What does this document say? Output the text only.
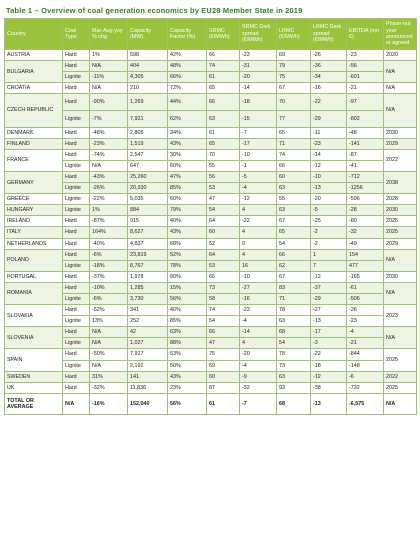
Table 1 – Overview of coal generation economics by EU28 Member State in 2019
Country	Coal Type	Mar-Aug yoy % chg.	Capacity (MW)	Capacity Factor (%)	SRMC (€/MWh)	SRMC Dark spread (€/MWh)	LRMC (€/MWh)	LRMC Dark spread (€/MWh)	EBITDA (mn €)	Phase-out year announced or agreed
AUSTRIA	Hard	1%	598	42%	66	-23	69	-26	-23	2020
BULGARIA	Hard	N/A	404	48%	74	-31	79	-36	-56	N/A
	Lignite	-11%	4,305	66%	61	-20	75	-34	-601	
CROATIA	Hard	N/A	210	72%	65	-14	67	-16	-21	N/A
CZECH REPUBLIC	Hard	-90%	1,269	44%	66	-18	70	-22	-97	N/A
	Lignite	-7%	7,921	62%	63	-15	77	-29	-802	
DENMARK	Hard	-48%	2,805	34%	61	-7	65	-11	-48	2030
FINLAND	Hard	-23%	1,519	43%	65	-17	71	-23	-141	2029
FRANCE	Hard	-74%	2,547	30%	70	-10	74	-14	-87	2022
	Lignite	N/A	647	60%	55	-1	66	-12	-41	
GERMANY	Hard	-43%	25,260	47%	56	-5	60	-10	-712	2038
	Lignite	-26%	20,930	85%	53	-4	63	-13	-1256	
GREECE	Lignite	-22%	5,035	60%	47	-12	55	-20	-596	2028
HUNGARY	Lignite	1%	884	79%	54	4	63	-5	-28	2030
IRELAND	Hard	-87%	915	40%	64	-22	67	-25	-80	2025
ITALY	Hard	164%	8,627	43%	60	4	65	-2	-32	2025
NETHERLANDS	Hard	-40%	4,837	68%	52	0	54	-2	-49	2029
POLAND	Hard	-6%	23,819	52%	64	4	66	1	154	N/A
	Lignite	-18%	8,767	78%	53	16	62	7	477	
PORTUGAL	Hard	-37%	1,978	80%	66	-10	67	-12	-165	2030
ROMANIA	Hard	-10%	1,285	15%	73	-27	83	-37	-61	N/A
	Lignite	-6%	3,730	56%	58	-16	71	-29	-506	
SLOVAKIA	Hard	-52%	341	40%	74	-23	78	-27	-26	2023
	Lignite	13%	252	85%	54	-4	63	-13	-23	
SLOVENIA	Hard	N/A	42	63%	66	-14	68	-17	-4	N/A
	Lignite	N/A	1,027	88%	47	4	54	-3	-21	
SPAIN	Hard	-50%	7,917	53%	75	-20	78	-22	-844	2025
	Lignite	N/A	2,192	50%	59	-4	73	-18	-148	
SWEDEN	Hard	31%	141	43%	60	-9	63	-12	-6	2022
UK	Hard	-32%	11,836	23%	87	-32	93	-38	-732	2025
TOTAL OR AVERAGE	N/A	-16%	152,040	56%	61	-7	68	-13	-6,575	N/A
